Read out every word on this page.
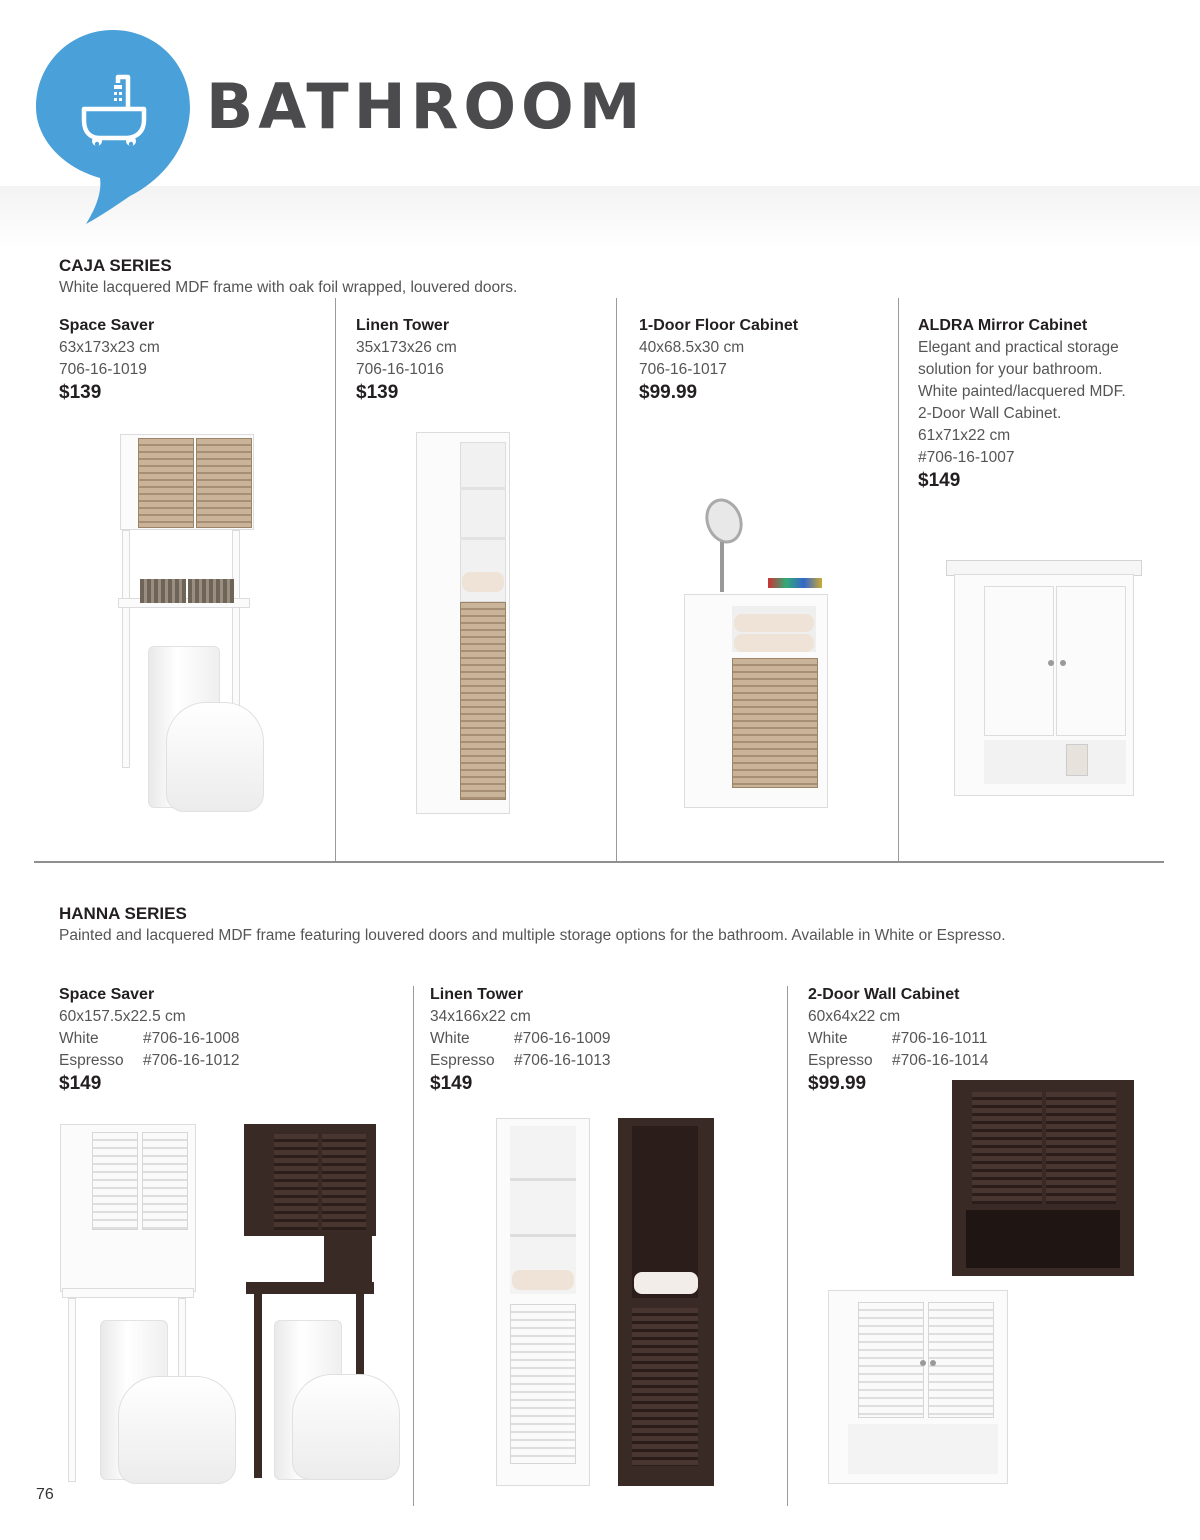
BATHROOM
CAJA SERIES
White lacquered MDF frame with oak foil wrapped, louvered doors.
Space Saver
63x173x23 cm
706-16-1019
$139
Linen Tower
35x173x26 cm
706-16-1016
$139
1-Door Floor Cabinet
40x68.5x30 cm
706-16-1017
$99.99
ALDRA Mirror Cabinet
Elegant and practical storage
solution for your bathroom.
White painted/lacquered MDF.
2-Door Wall Cabinet.
61x71x22 cm
#706-16-1007
$149
HANNA SERIES
Painted and lacquered MDF frame featuring louvered doors and multiple storage options for the bathroom. Available in White or Espresso.
Space Saver
60x157.5x22.5 cm
White	#706-16-1008
Espresso	#706-16-1012
$149
Linen Tower
34x166x22 cm
White	#706-16-1009
Espresso	#706-16-1013
$149
2-Door Wall Cabinet
60x64x22 cm
White	#706-16-1011
Espresso	#706-16-1014
$99.99
76
